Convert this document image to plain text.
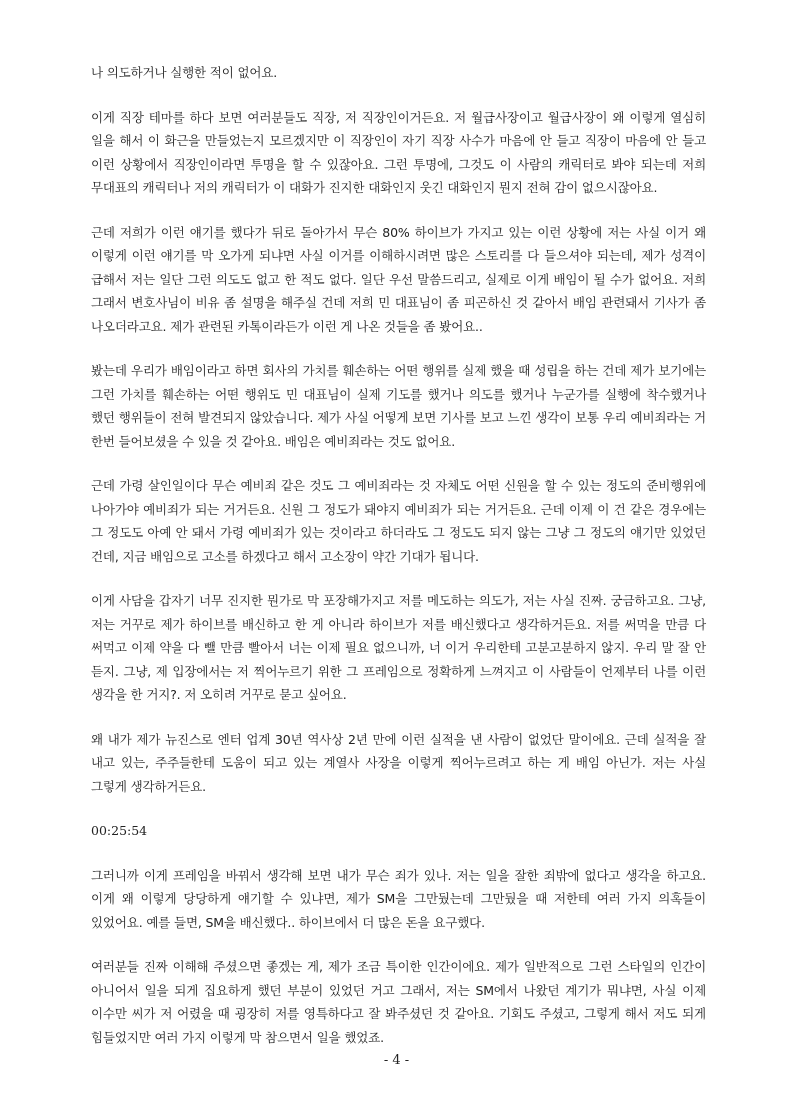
나 의도하거나 실행한 적이 없어요.

이게 직장 테마를 하다 보면 여러분들도 직장, 저 직장인이거든요. 저 월급사장이고 월급사장이 왜 이렇게 열심히 일을 해서 이 화근을 만들었는지 모르겠지만 이 직장인이 자기 직장 사수가 마음에 안 들고 직장이 마음에 안 들고 이런 상황에서 직장인이라면 투명을 할 수 있잖아요. 그런 투명에, 그것도 이 사람의 캐릭터로 봐야 되는데 저희 무대표의 캐릭터나 저의 캐릭터가 이 대화가 진지한 대화인지 웃긴 대화인지 뭔지 전혀 감이 없으시잖아요.

근데 저희가 이런 얘기를 했다가 뒤로 돌아가서 무슨 80% 하이브가 가지고 있는 이런 상황에 저는 사실 이거 왜 이렇게 이런 얘기를 막 오가게 되냐면 사실 이거를 이해하시려면 많은 스토리를 다 들으셔야 되는데, 제가 성격이 급해서 저는 일단 그런 의도도 없고 한 적도 없다. 일단 우선 말씀드리고, 실제로 이게 배임이 될 수가 없어요. 저희 그래서 변호사님이 비유 좀 설명을 해주실 건데 저희 민 대표님이 좀 피곤하신 것 같아서 배임 관련돼서 기사가 좀 나오더라고요. 제가 관련된 카톡이라든가 이런 게 나온 것들을 좀 봤어요..

봤는데 우리가 배임이라고 하면 회사의 가치를 훼손하는 어떤 행위를 실제 했을 때 성립을 하는 건데 제가 보기에는 그런 가치를 훼손하는 어떤 행위도 민 대표님이 실제 기도를 했거나 의도를 했거나 누군가를 실행에 착수했거나 했던 행위들이 전혀 발견되지 않았습니다. 제가 사실 어떻게 보면 기사를 보고 느낀 생각이 보통 우리 예비죄라는 거 한번 들어보셨을 수 있을 것 같아요. 배임은 예비죄라는 것도 없어요.

근데 가령 살인일이다 무슨 예비죄 같은 것도 그 예비죄라는 것 자체도 어떤 신원을 할 수 있는 정도의 준비행위에 나아가야 예비죄가 되는 거거든요. 신원 그 정도가 돼야지 예비죄가 되는 거거든요. 근데 이제 이 건 같은 경우에는 그 정도도 아예 안 돼서 가령 예비죄가 있는 것이라고 하더라도 그 정도도 되지 않는 그냥 그 정도의 얘기만 있었던 건데, 지금 배임으로 고소를 하겠다고 해서 고소장이 약간 기대가 됩니다.

이게 사담을 갑자기 너무 진지한 뭔가로 막 포장해가지고 저를 메도하는 의도가, 저는 사실 진짜. 궁금하고요. 그냥, 저는 거꾸로 제가 하이브를 배신하고 한 게 아니라 하이브가 저를 배신했다고 생각하거든요. 저를 써먹을 만큼 다 써먹고 이제 약을 다 뺄 만큼 빨아서 너는 이제 필요 없으니까, 너 이거 우리한테 고분고분하지 않지. 우리 말 잘 안 듣지. 그냥, 제 입장에서는 저 찍어누르기 위한 그 프레임으로 정확하게 느껴지고 이 사람들이 언제부터 나를 이런 생각을 한 거지?. 저 오히려 거꾸로 묻고 싶어요.

왜 내가 제가 뉴진스로 엔터 업계 30년 역사상 2년 만에 이런 실적을 낸 사람이 없었단 말이에요. 근데 실적을 잘 내고 있는, 주주들한테 도움이 되고 있는 계열사 사장을 이렇게 찍어누르려고 하는 게 배임 아닌가. 저는 사실 그렇게 생각하거든요.

00:25:54

그러니까 이게 프레임을 바꿔서 생각해 보면 내가 무슨 죄가 있나. 저는 일을 잘한 죄밖에 없다고 생각을 하고요. 이게 왜 이렇게 당당하게 얘기할 수 있냐면, 제가 SM을 그만뒀는데 그만뒀을 때 저한테 여러 가지 의혹들이 있었어요. 예를 들면, SM을 배신했다.. 하이브에서 더 많은 돈을 요구했다.

여러분들 진짜 이해해 주셨으면 좋겠는 게, 제가 조금 특이한 인간이에요. 제가 일반적으로 그런 스타일의 인간이 아니어서 일을 되게 집요하게 했던 부분이 있었던 거고 그래서, 저는 SM에서 나왔던 계기가 뭐냐면, 사실 이제 이수만 씨가 저 어렸을 때 굉장히 저를 영특하다고 잘 봐주셨던 것 같아요. 기회도 주셨고, 그렇게 해서 저도 되게 힘들었지만 여러 가지 이렇게 막 참으면서 일을 했었죠.

- 4 -
